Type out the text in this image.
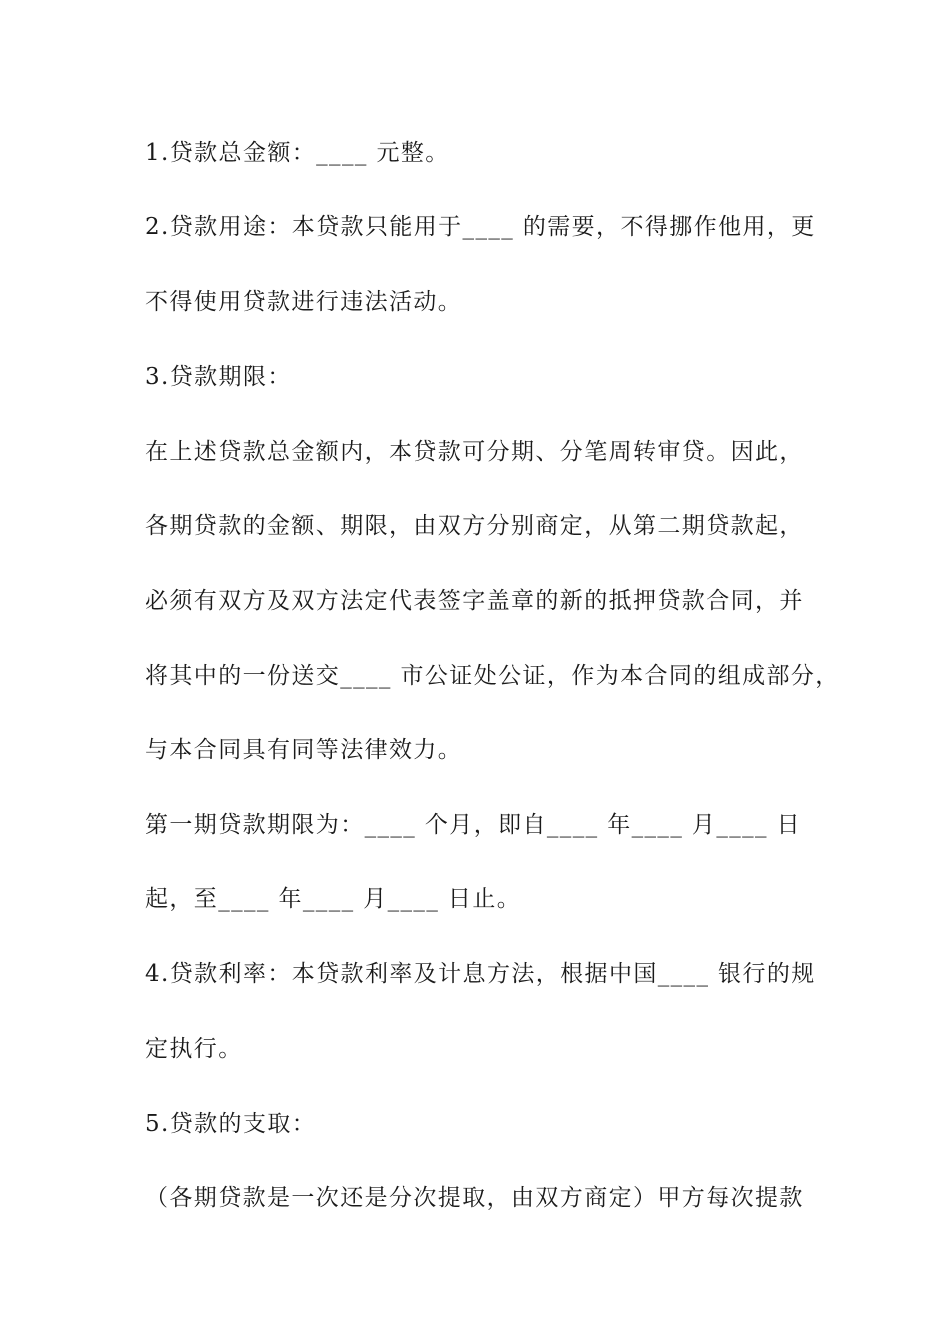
1.贷款总金额：____ 元整。
2.贷款用途：本贷款只能用于____ 的需要，不得挪作他用，更
不得使用贷款进行违法活动。
3.贷款期限：
在上述贷款总金额内，本贷款可分期、分笔周转审贷。因此，
各期贷款的金额、期限，由双方分别商定，从第二期贷款起，
必须有双方及双方法定代表签字盖章的新的抵押贷款合同，并
将其中的一份送交____ 市公证处公证，作为本合同的组成部分，
与本合同具有同等法律效力。
第一期贷款期限为：____ 个月，即自____ 年____ 月____ 日
起，至____ 年____ 月____ 日止。
4.贷款利率：本贷款利率及计息方法，根据中国____ 银行的规
定执行。
5.贷款的支取：
（各期贷款是一次还是分次提取，由双方商定）甲方每次提款
